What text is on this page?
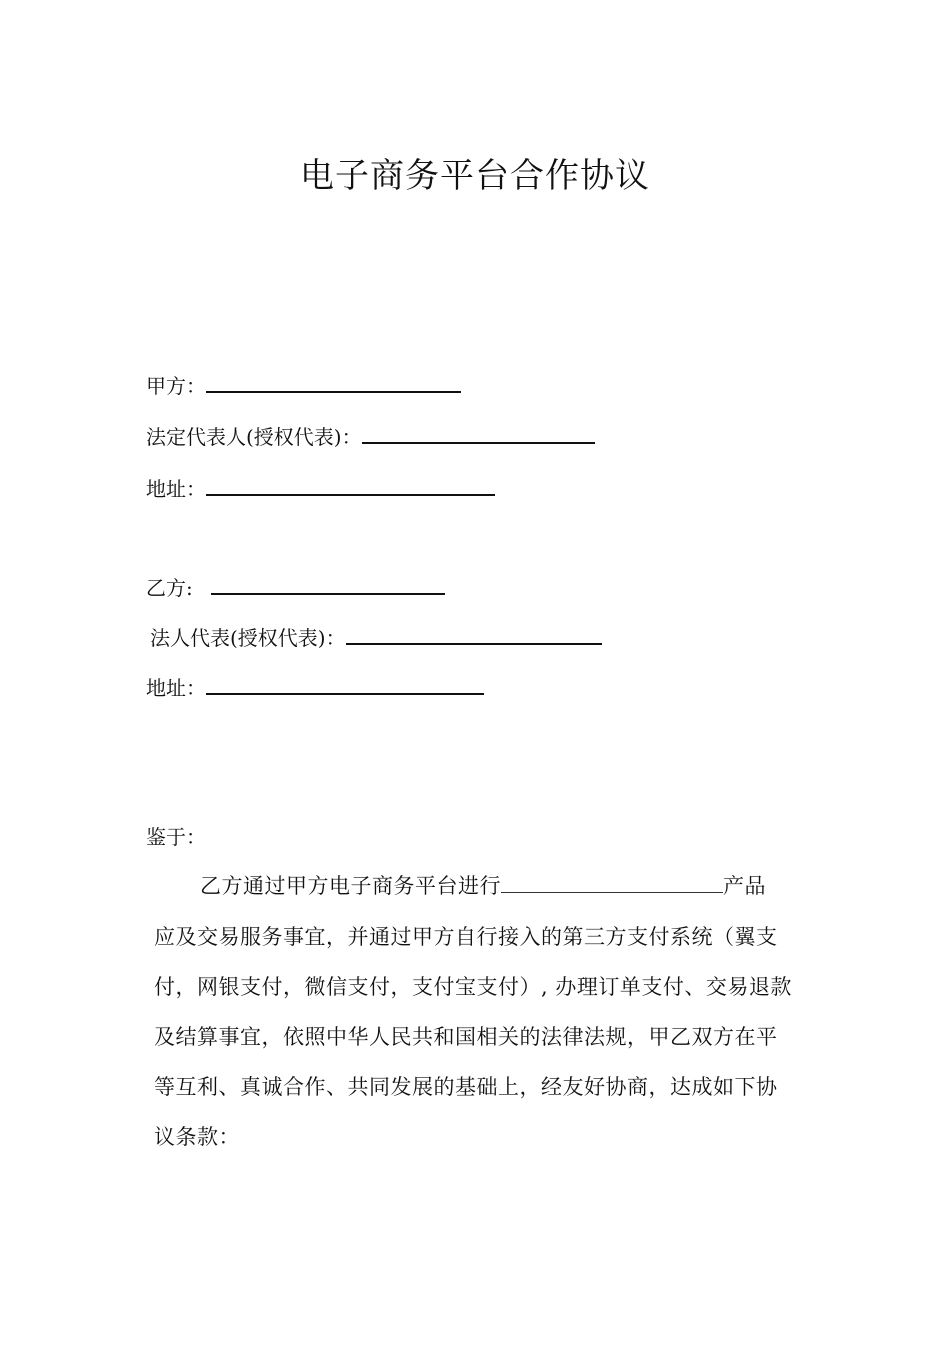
电子商务平台合作协议
甲方：
法定代表人(授权代表)：
地址：
乙方:
法人代表(授权代表)：
地址：
鉴于：
乙方通过甲方电子商务平台进行	产品
应及交易服务事宜，并通过甲方自行接入的第三方支付系统（翼支
付，网银支付，微信支付，支付宝支付）, 办理订单支付、交易退款
及结算事宜，依照中华人民共和国相关的法律法规，甲乙双方在平
等互利、真诚合作、共同发展的基础上，经友好协商，达成如下协
议条款：
